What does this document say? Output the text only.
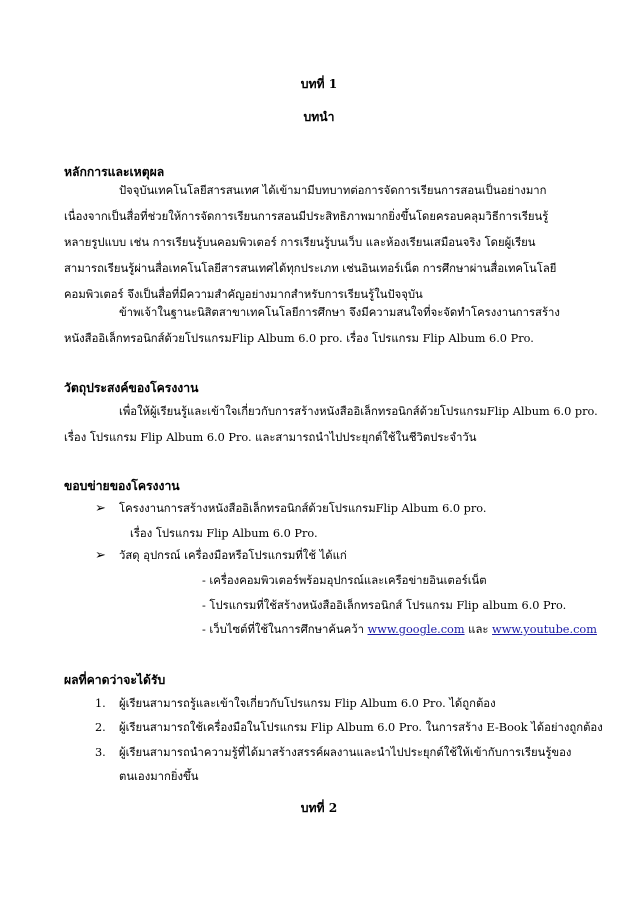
บทที่ 1
บทนำ
หลักการและเหตุผล
ปัจจุบันเทคโนโลยีสารสนเทศ ได้เข้ามามีบทบาทต่อการจัดการเรียนการสอนเป็นอย่างมาก
เนื่องจากเป็นสื่อที่ช่วยให้การจัดการเรียนการสอนมีประสิทธิภาพมากยิ่งขึ้นโดยครอบคลุมวิธีการเรียนรู้
หลายรูปแบบ เช่น การเรียนรู้บนคอมพิวเตอร์ การเรียนรู้บนเว็บ และห้องเรียนเสมือนจริง โดยผู้เรียน
สามารถเรียนรู้ผ่านสื่อเทคโนโลยีสารสนเทศได้ทุกประเภท เช่นอินเทอร์เน็ต การศึกษาผ่านสื่อเทคโนโลยี
คอมพิวเตอร์ จึงเป็นสื่อที่มีความสำคัญอย่างมากสำหรับการเรียนรู้ในปัจจุบัน
ข้าพเจ้าในฐานะนิสิตสาขาเทคโนโลยีการศึกษา จึงมีความสนใจที่จะจัดทำโครงงานการสร้าง
หนังสืออิเล็กทรอนิกส์ด้วยโปรแกรมFlip Album 6.0 pro. เรื่อง โปรแกรม Flip Album 6.0 Pro.
วัตถุประสงค์ของโครงงาน
เพื่อให้ผู้เรียนรู้และเข้าใจเกี่ยวกับการสร้างหนังสืออิเล็กทรอนิกส์ด้วยโปรแกรมFlip Album 6.0 pro.
เรื่อง โปรแกรม Flip Album 6.0 Pro. และสามารถนำไปประยุกต์ใช้ในชีวิตประจำวัน
ขอบข่ายของโครงงาน
➢ โครงงานการสร้างหนังสืออิเล็กทรอนิกส์ด้วยโปรแกรมFlip Album 6.0 pro.
เรื่อง โปรแกรม Flip Album 6.0 Pro.
➢ วัสดุ อุปกรณ์ เครื่องมือหรือโปรแกรมที่ใช้ ได้แก่
- เครื่องคอมพิวเตอร์พร้อมอุปกรณ์และเครือข่ายอินเตอร์เน็ต
- โปรแกรมที่ใช้สร้างหนังสืออิเล็กทรอนิกส์ โปรแกรม Flip album 6.0 Pro.
- เว็บไซต์ที่ใช้ในการศึกษาค้นคว้า www.google.com และ www.youtube.com
ผลที่คาดว่าจะได้รับ
1. ผู้เรียนสามารถรู้และเข้าใจเกี่ยวกับโปรแกรม Flip Album 6.0 Pro. ได้ถูกต้อง
2. ผู้เรียนสามารถใช้เครื่องมือในโปรแกรม Flip Album 6.0 Pro. ในการสร้าง E-Book ได้อย่างถูกต้อง
3. ผู้เรียนสามารถนำความรู้ที่ได้มาสร้างสรรค์ผลงานและนำไปประยุกต์ใช้ให้เข้ากับการเรียนรู้ของ
ตนเองมากยิ่งขึ้น
บทที่ 2
